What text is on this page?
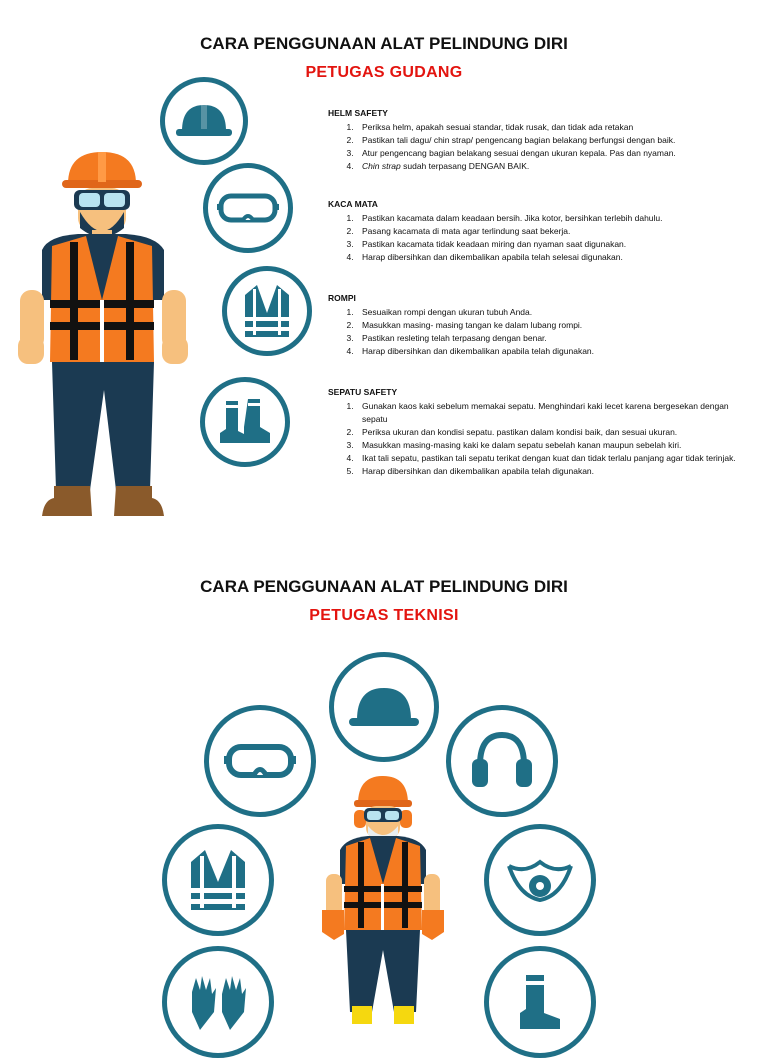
CARA PENGGUNAAN ALAT PELINDUNG DIRI
PETUGAS GUDANG
HELM SAFETY
1. Periksa helm, apakah sesuai standar, tidak rusak, dan tidak ada retakan
2. Pastikan tali dagu/ chin strap/ pengencang bagian belakang berfungsi dengan baik.
3. Atur pengencang bagian belakang sesuai dengan ukuran kepala. Pas dan nyaman.
4. Chin strap sudah terpasang DENGAN BAIK.
KACA MATA
1. Pastikan kacamata dalam keadaan bersih. Jika kotor, bersihkan terlebih dahulu.
2. Pasang kacamata di mata agar terlindung saat bekerja.
3. Pastikan kacamata tidak keadaan miring dan nyaman saat digunakan.
4. Harap dibersihkan dan dikembalikan apabila telah selesai digunakan.
ROMPI
1. Sesuaikan rompi dengan ukuran tubuh Anda.
2. Masukkan masing- masing tangan ke dalam lubang rompi.
3. Pastikan resleting telah terpasang dengan benar.
4. Harap dibersihkan dan dikembalikan apabila telah digunakan.
SEPATU SAFETY
1. Gunakan kaos kaki sebelum memakai sepatu. Menghindari kaki lecet karena bergesekan dengan sepatu
2. Periksa ukuran dan kondisi sepatu. pastikan dalam kondisi baik, dan sesuai ukuran.
3. Masukkan masing-masing kaki ke dalam sepatu sebelah kanan maupun sebelah kiri.
4. Ikat tali sepatu, pastikan tali sepatu terikat dengan kuat dan tidak terlalu panjang agar tidak terinjak.
5. Harap dibersihkan dan dikembalikan apabila telah digunakan.
CARA PENGGUNAAN ALAT PELINDUNG DIRI
PETUGAS TEKNISI
